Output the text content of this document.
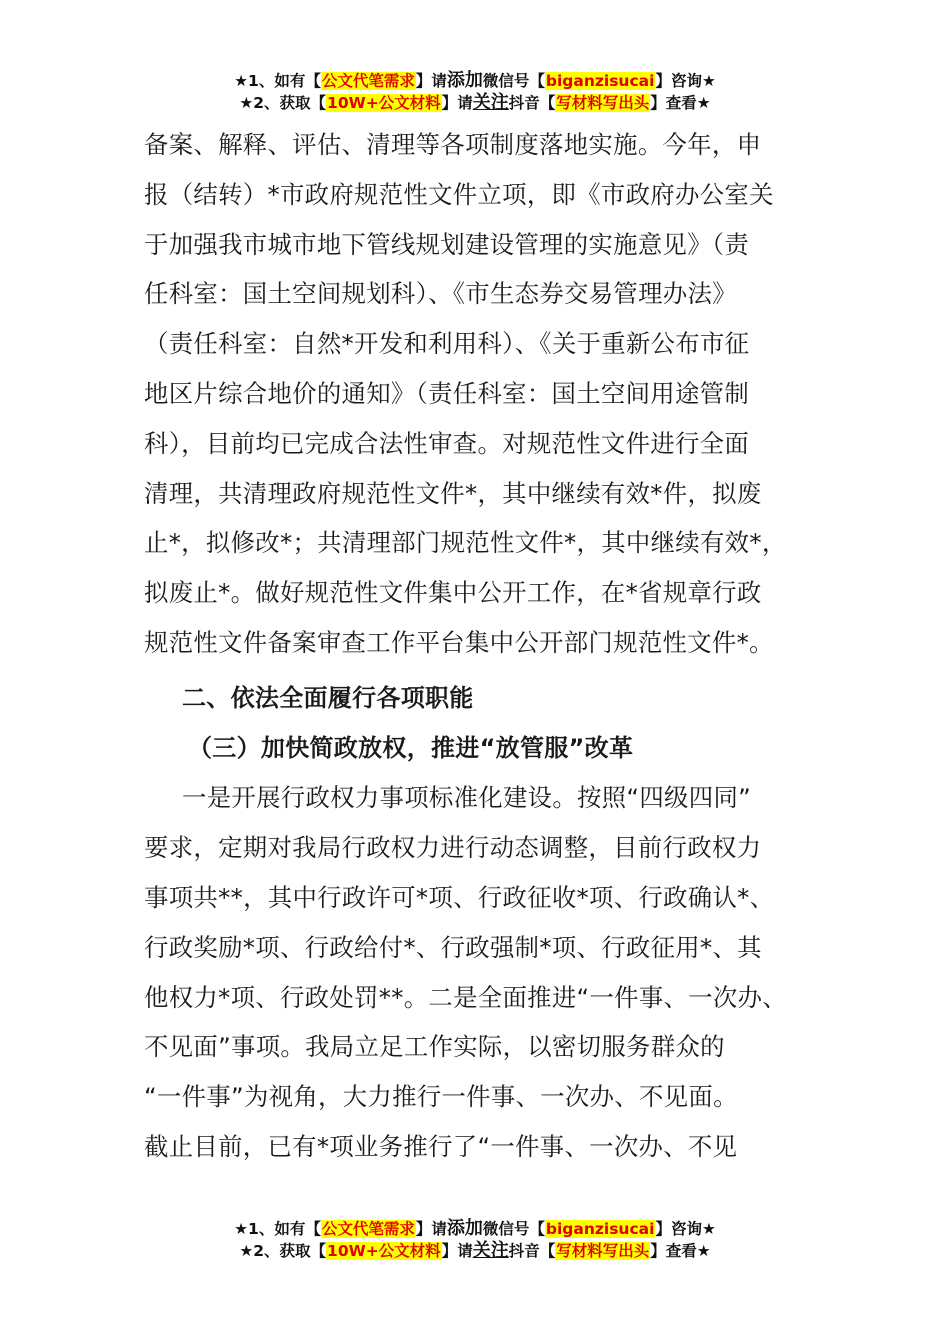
★1、如有【公文代笔需求】请添加微信号【biganzisucai】咨询★
★2、获取【10W+公文材料】请关注抖音【写材料写出头】查看★

备案、解释、评估、清理等各项制度落地实施。今年，申

报（结转）*市政府规范性文件立项，即《市政府办公室关

于加强我市城市地下管线规划建设管理的实施意见》（责

任科室：国土空间规划科）、《市生态券交易管理办法》

（责任科室：自然*开发和利用科）、《关于重新公布市征

地区片综合地价的通知》（责任科室：国土空间用途管制

科），目前均已完成合法性审查。对规范性文件进行全面

清理，共清理政府规范性文件*，其中继续有效*件，拟废

止*，拟修改*；共清理部门规范性文件*，其中继续有效*，

拟废止*。做好规范性文件集中公开工作，在*省规章行政

规范性文件备案审查工作平台集中公开部门规范性文件*。

二、依法全面履行各项职能

（三）加快简政放权，推进“放管服”改革

一是开展行政权力事项标准化建设。按照“四级四同”

要求，定期对我局行政权力进行动态调整，目前行政权力

事项共**，其中行政许可*项、行政征收*项、行政确认*、

行政奖励*项、行政给付*、行政强制*项、行政征用*、其

他权力*项、行政处罚**。二是全面推进“一件事、一次办、

不见面”事项。我局立足工作实际，以密切服务群众的

“一件事”为视角，大力推行一件事、一次办、不见面。

截止目前，已有*项业务推行了“一件事、一次办、不见

★1、如有【公文代笔需求】请添加微信号【biganzisucai】咨询★
★2、获取【10W+公文材料】请关注抖音【写材料写出头】查看★
